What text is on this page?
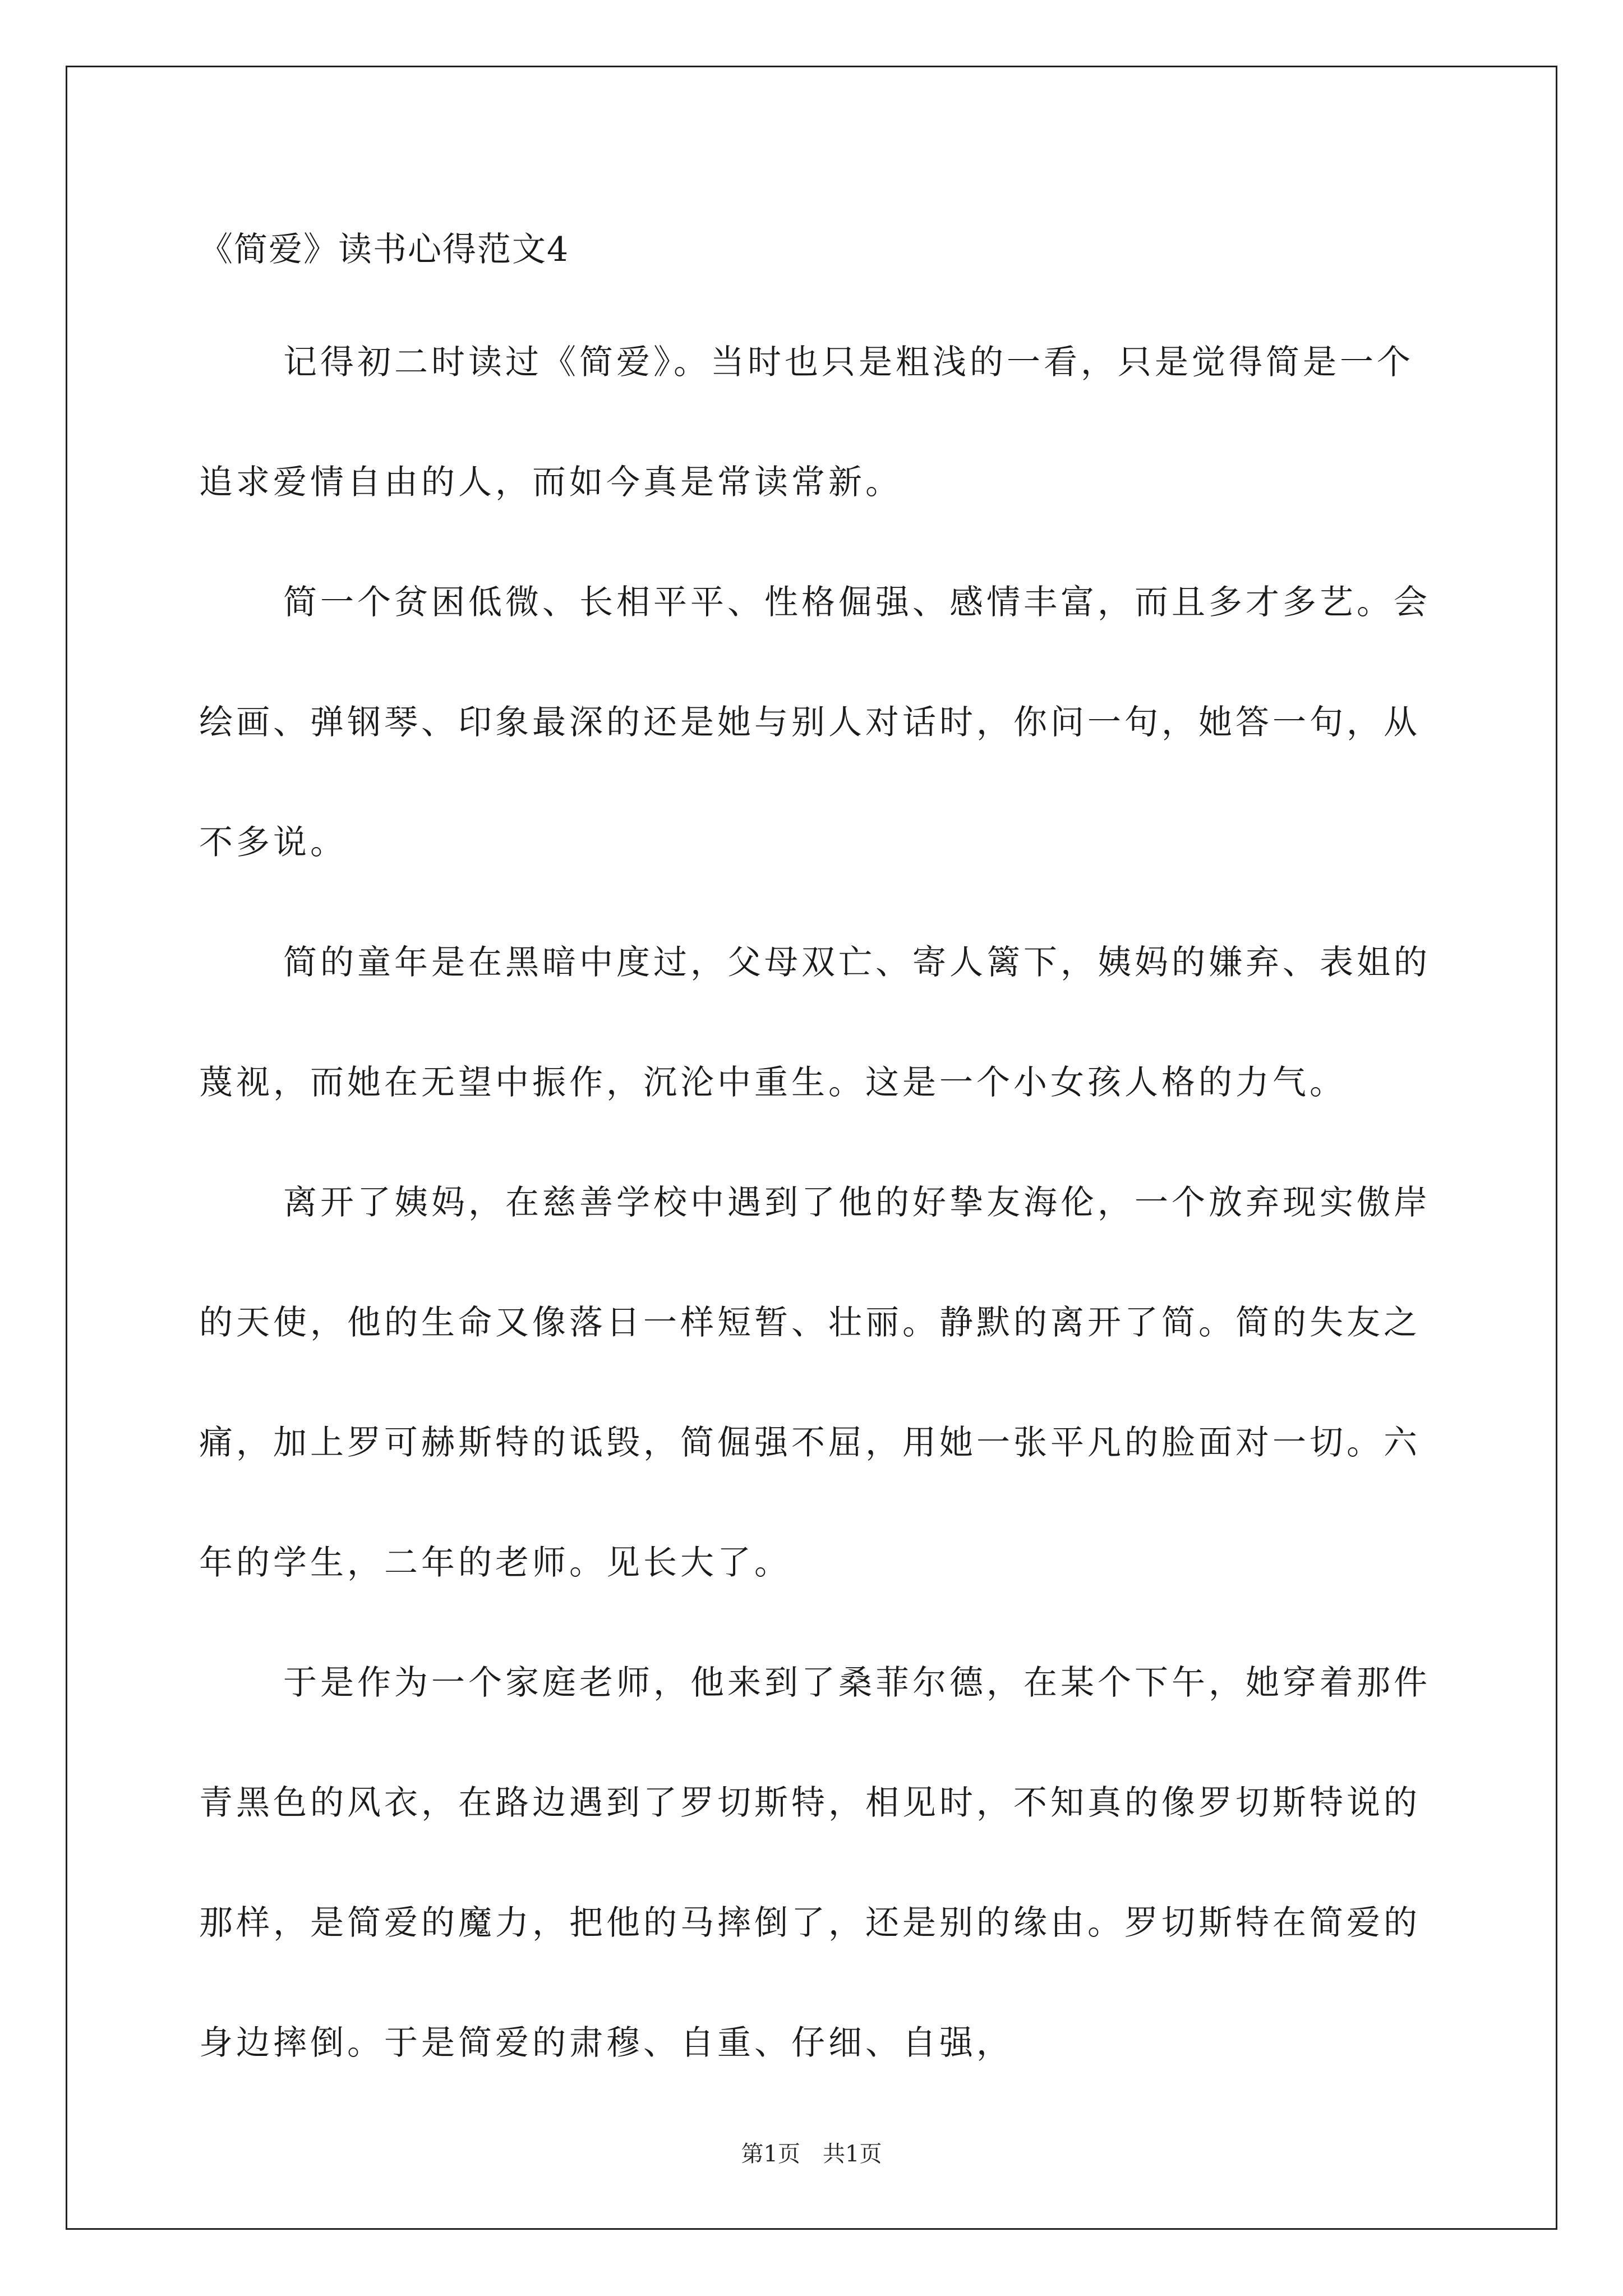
《简爱》读书心得范文4

记得初二时读过《简爱》。当时也只是粗浅的一看，只是觉得简是一个追求爱情自由的人，而如今真是常读常新。

简一个贫困低微、长相平平、性格倔强、感情丰富，而且多才多艺。会绘画、弹钢琴、印象最深的还是她与别人对话时，你问一句，她答一句，从不多说。

简的童年是在黑暗中度过，父母双亡、寄人篱下，姨妈的嫌弃、表姐的蔑视，而她在无望中振作，沉沦中重生。这是一个小女孩人格的力气。

离开了姨妈，在慈善学校中遇到了他的好挚友海伦，一个放弃现实傲岸的天使，他的生命又像落日一样短暂、壮丽。静默的离开了简。简的失友之痛，加上罗可赫斯特的诋毁，简倔强不屈，用她一张平凡的脸面对一切。六年的学生，二年的老师。见长大了。

于是作为一个家庭老师，他来到了桑菲尔德，在某个下午，她穿着那件青黑色的风衣，在路边遇到了罗切斯特，相见时，不知真的像罗切斯特说的那样，是简爱的魔力，把他的马摔倒了，还是别的缘由。罗切斯特在简爱的身边摔倒。于是简爱的肃穆、自重、仔细、自强，

第1页 共1页
